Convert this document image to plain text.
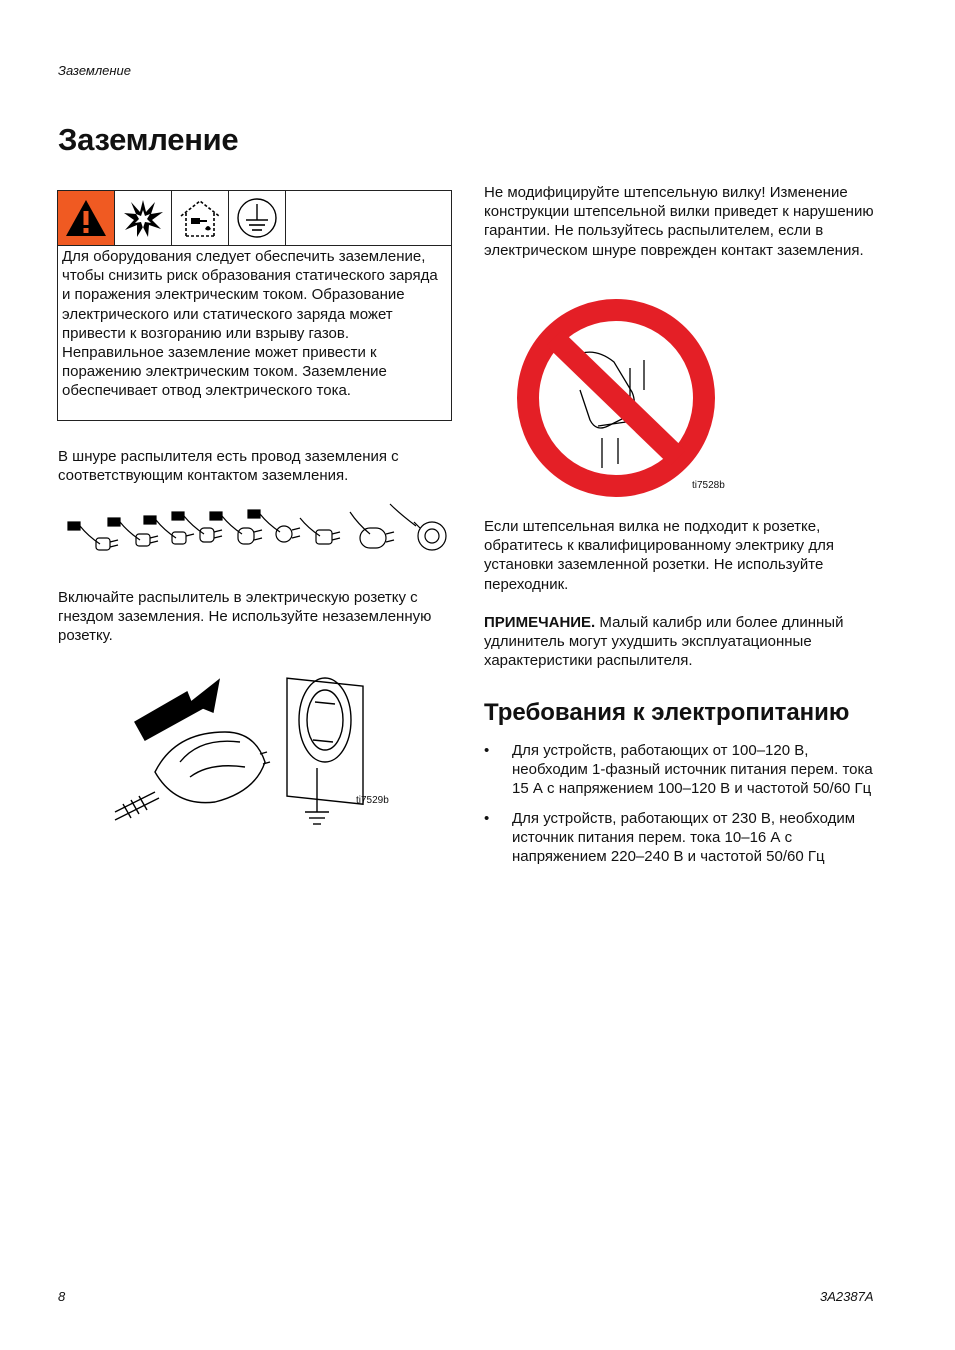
Заземление
Заземление
Для оборудования следует обеспечить заземление, чтобы снизить риск образования статического заряда и поражения электрическим током. Образование электрического или статического заряда может привести к возгоранию или взрыву газов. Неправильное заземление может привести к поражению электрическим током. Заземление обеспечивает отвод электрического тока.

В шнуре распылителя есть провод заземления с соответствующим контактом заземления.

Включайте распылитель в электрическую розетку с гнездом заземления. Не используйте незаземленную розетку.

ti7529b

Не модифицируйте штепсельную вилку! Изменение конструкции штепсельной вилки приведет к нарушению гарантии. Не пользуйтесь распылителем, если в электрическом шнуре поврежден контакт заземления.

ti7528b

Если штепсельная вилка не подходит к розетке, обратитесь к квалифицированному электрику для установки заземленной розетки. Не используйте переходник.

ПРИМЕЧАНИЕ. Малый калибр или более длинный удлинитель могут ухудшить эксплуатационные характеристики распылителя.

Требования к электропитанию
• Для устройств, работающих от 100–120 В, необходим 1-фазный источник питания перем. тока 15 А с напряжением 100–120 В и частотой 50/60 Гц
• Для устройств, работающих от 230 В, необходим источник питания перем. тока 10–16 А с напряжением 220–240 В и частотой 50/60 Гц
8	3A2387A
